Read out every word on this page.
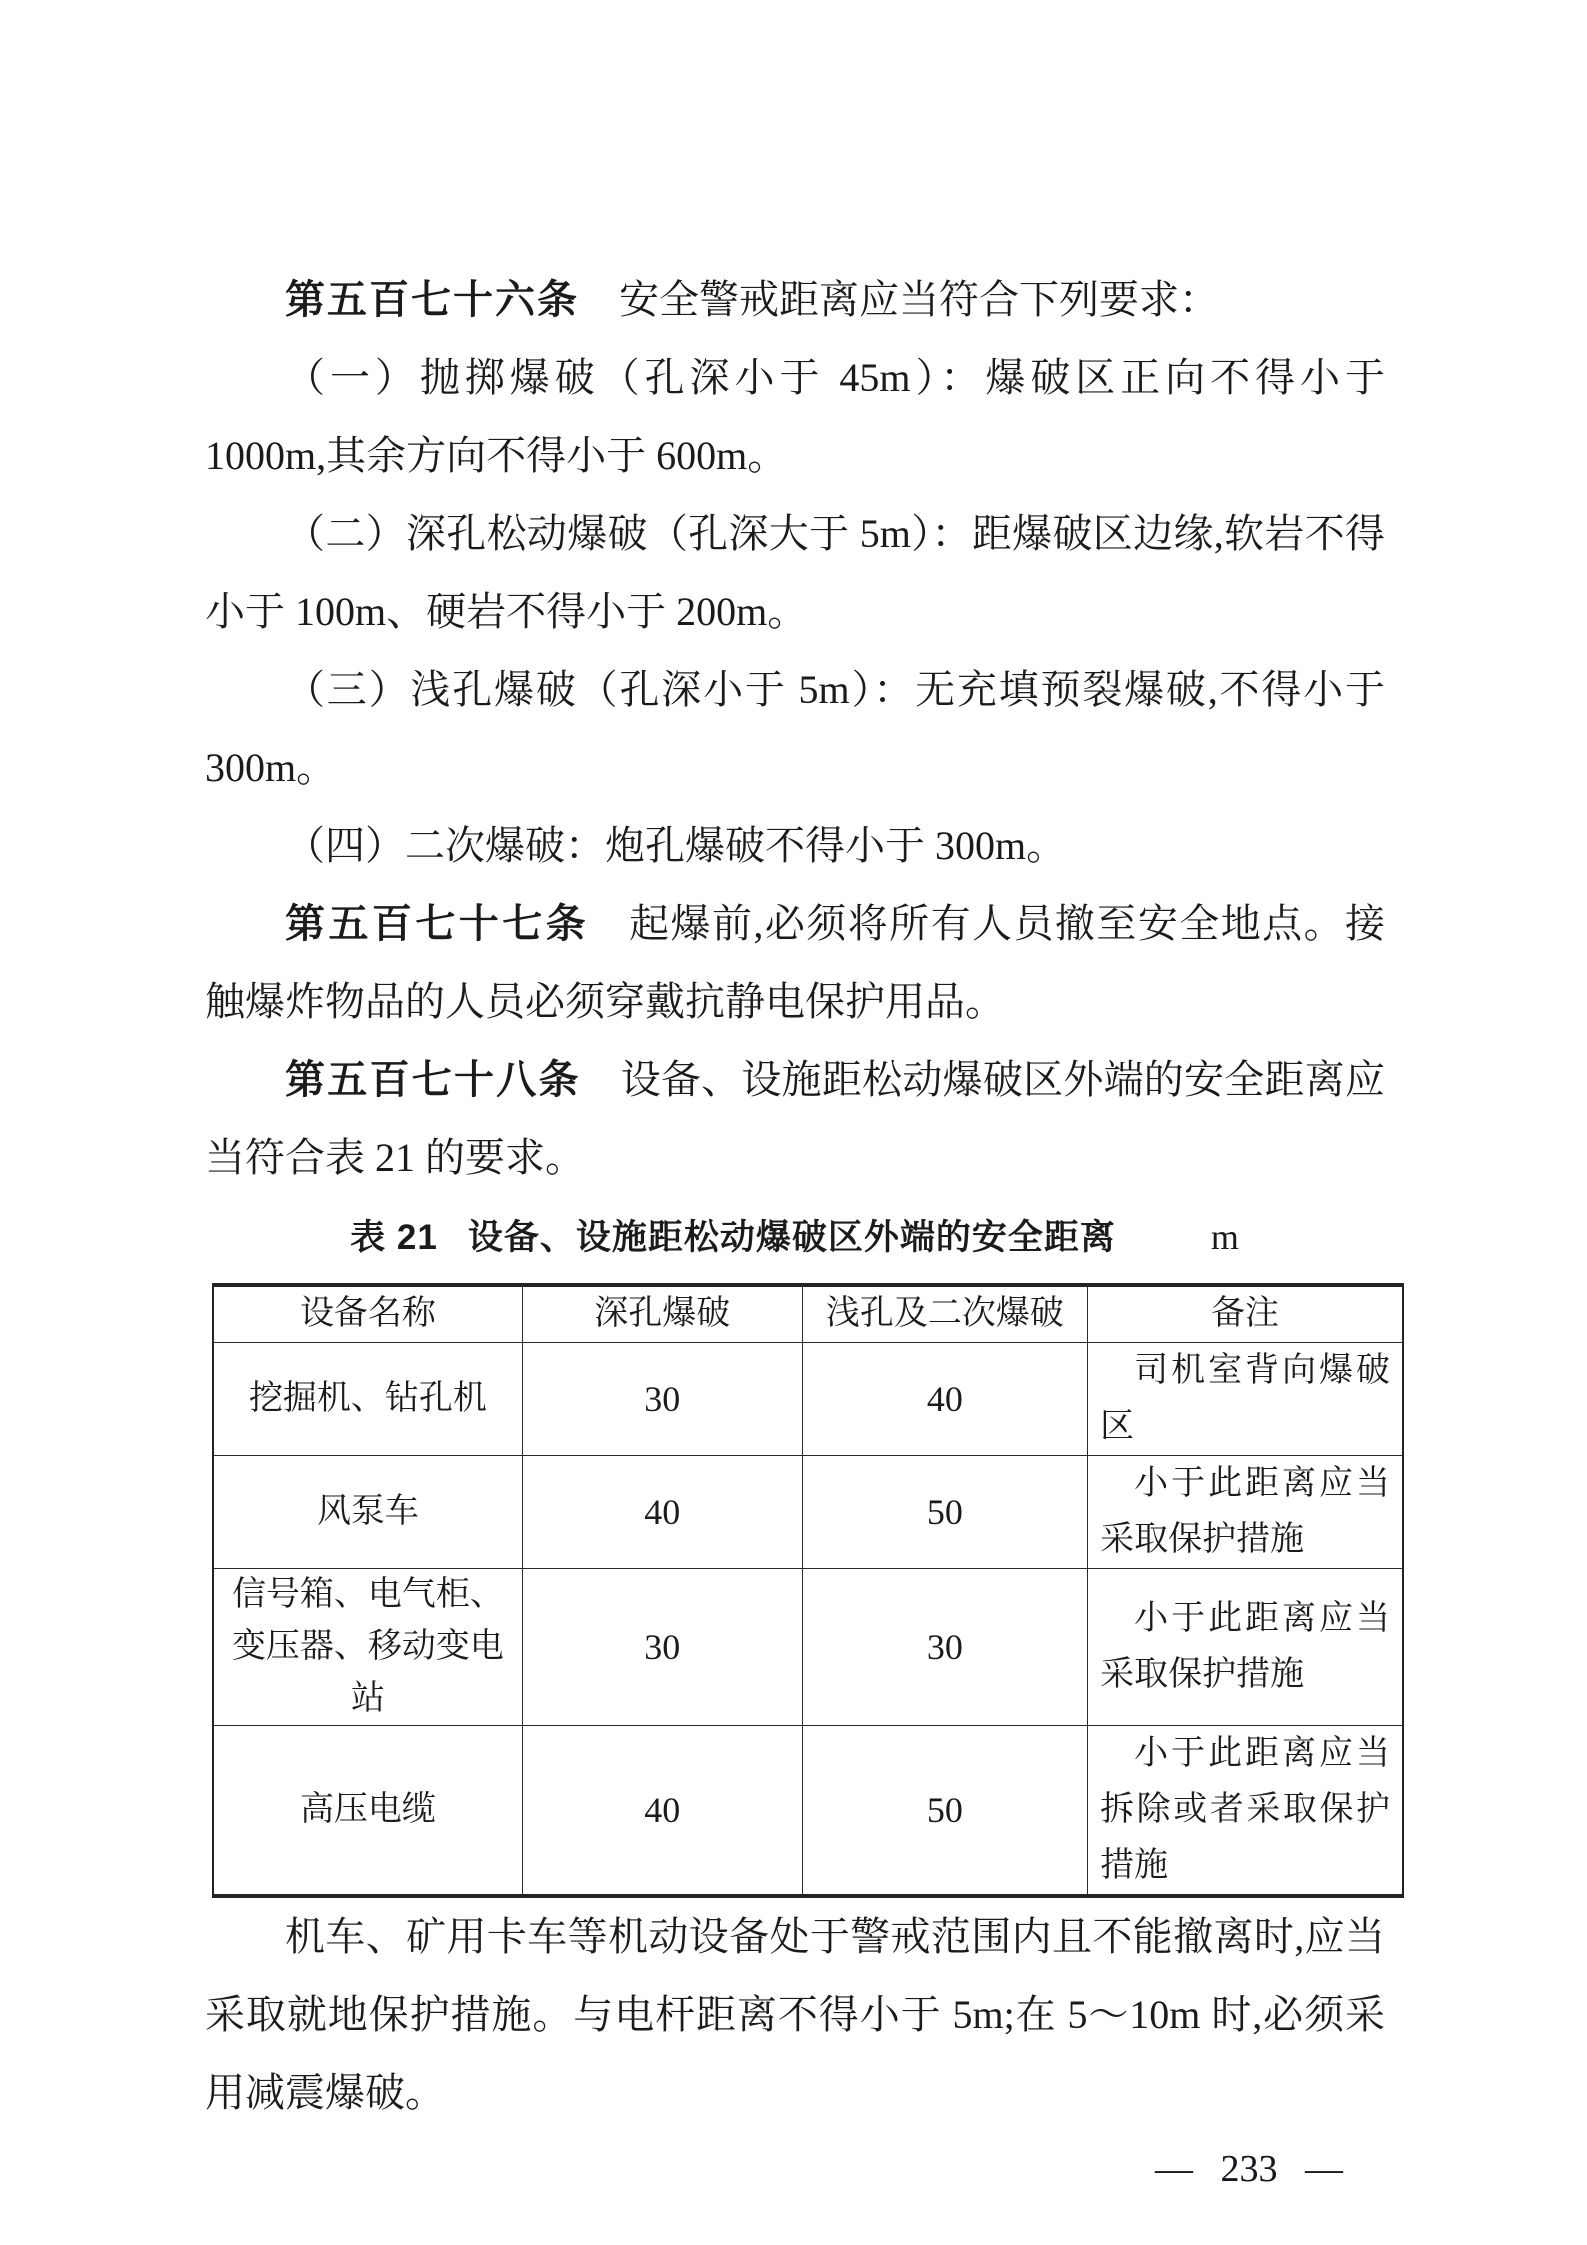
第五百七十六条 安全警戒距离应当符合下列要求：

（一）抛掷爆破（孔深小于 45m）：爆破区正向不得小于 1000m,其余方向不得小于 600m。

（二）深孔松动爆破（孔深大于 5m）：距爆破区边缘,软岩不得小于 100m、硬岩不得小于 200m。

（三）浅孔爆破（孔深小于 5m）：无充填预裂爆破,不得小于 300m。

（四）二次爆破：炮孔爆破不得小于 300m。

第五百七十七条 起爆前,必须将所有人员撤至安全地点。接触爆炸物品的人员必须穿戴抗静电保护用品。

第五百七十八条 设备、设施距松动爆破区外端的安全距离应当符合表 21 的要求。

表 21 设备、设施距松动爆破区外端的安全距离	m
设备名称	深孔爆破	浅孔及二次爆破	备注
挖掘机、钻孔机	30	40	司机室背向爆破区
风泵车	40	50	小于此距离应当采取保护措施
信号箱、电气柜、变压器、移动变电站	30	30	小于此距离应当采取保护措施
高压电缆	40	50	小于此距离应当拆除或者采取保护措施

机车、矿用卡车等机动设备处于警戒范围内且不能撤离时,应当采取就地保护措施。与电杆距离不得小于 5m;在 5～10m 时,必须采用减震爆破。

— 233 —
